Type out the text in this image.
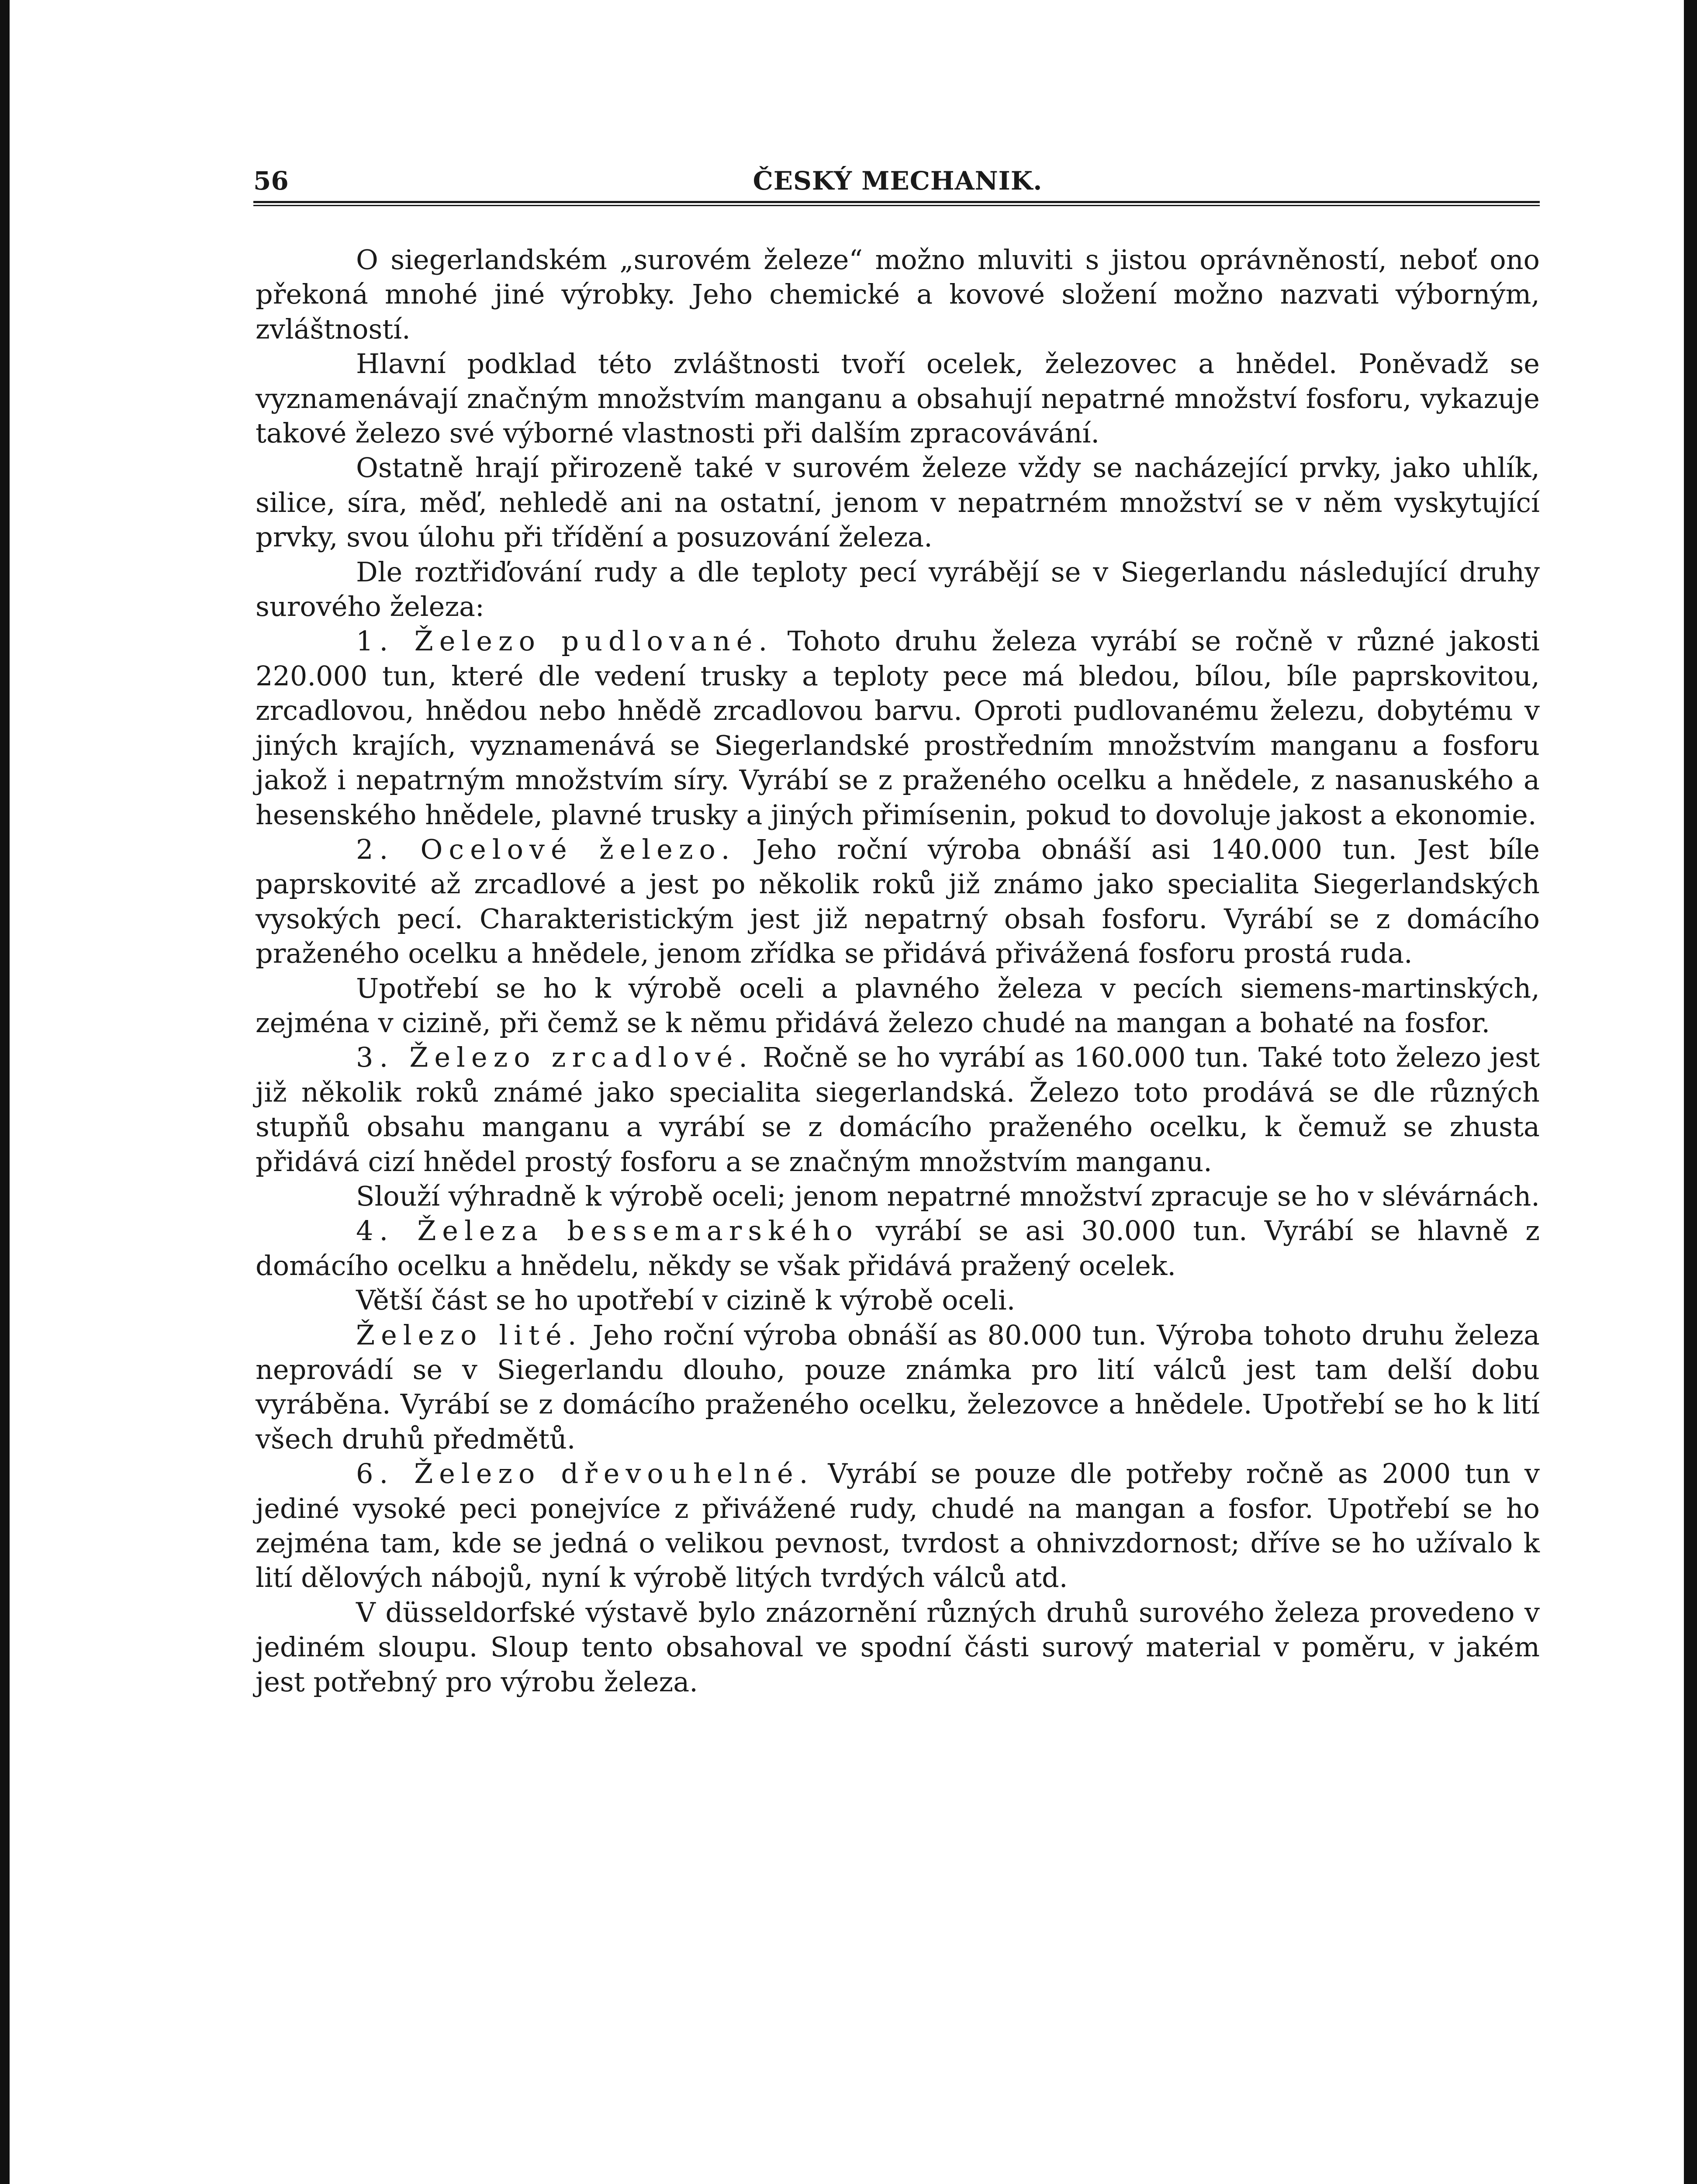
56	ČESKÝ MECHANIK.

O siegerlandském „surovém železe“ možno mluviti s jistou oprávněností, neboť ono překoná mnohé jiné výrobky. Jeho chemické a kovové složení možno nazvati výborným, zvláštností.

Hlavní podklad této zvláštnosti tvoří ocelek, železovec a hnědel. Poněvadž se vyznamenávají značným množstvím manganu a obsahují nepatrné množství fosforu, vykazuje takové železo své výborné vlastnosti při dalším zpracovávání.

Ostatně hrají přirozeně také v surovém železe vždy se nacházející prvky, jako uhlík, silice, síra, měď, nehledě ani na ostatní, jenom v nepatrném množství se v něm vyskytující prvky, svou úlohu při třídění a posuzování železa.

Dle roztřiďování rudy a dle teploty pecí vyrábějí se v Siegerlandu následující druhy surového železa:

1. Železo pudlované. Tohoto druhu železa vyrábí se ročně v různé jakosti 220.000 tun, které dle vedení trusky a teploty pece má bledou, bílou, bíle paprskovitou, zrcadlovou, hnědou nebo hnědě zrcadlovou barvu. Oproti pudlovanému železu, dobytému v jiných krajích, vyznamenává se Siegerlandské prostředním množstvím manganu a fosforu jakož i nepatrným množstvím síry. Vyrábí se z praženého ocelku a hnědele, z nasanuského a hesenského hnědele, plavné trusky a jiných přimísenin, pokud to dovoluje jakost a ekonomie.

2. Ocelové železo. Jeho roční výroba obnáší asi 140.000 tun. Jest bíle paprskovité až zrcadlové a jest po několik roků již známo jako specialita Siegerlandských vysokých pecí. Charakteristickým jest již nepatrný obsah fosforu. Vyrábí se z domácího praženého ocelku a hnědele, jenom zřídka se přidává přivážená fosforu prostá ruda.

Upotřebí se ho k výrobě oceli a plavného železa v pecích siemens-martinských, zejména v cizině, při čemž se k němu přidává železo chudé na mangan a bohaté na fosfor.

3. Železo zrcadlové. Ročně se ho vyrábí as 160.000 tun. Také toto železo jest již několik roků známé jako specialita siegerlandská. Železo toto prodává se dle různých stupňů obsahu manganu a vyrábí se z domácího praženého ocelku, k čemuž se zhusta přidává cizí hnědel prostý fosforu a se značným množstvím manganu.

Slouží výhradně k výrobě oceli; jenom nepatrné množství zpracuje se ho v slévárnách.

4. Železa bessemarského vyrábí se asi 30.000 tun. Vyrábí se hlavně z domácího ocelku a hnědelu, někdy se však přidává pražený ocelek.

Větší část se ho upotřebí v cizině k výrobě oceli.

Železo lité. Jeho roční výroba obnáší as 80.000 tun. Výroba tohoto druhu železa neprovádí se v Siegerlandu dlouho, pouze známka pro lití válců jest tam delší dobu vyráběna. Vyrábí se z domácího praženého ocelku, železovce a hnědele. Upotřebí se ho k lití všech druhů předmětů.

6. Železo dřevouhelné. Vyrábí se pouze dle potřeby ročně as 2000 tun v jediné vysoké peci ponejvíce z přivážené rudy, chudé na mangan a fosfor. Upotřebí se ho zejména tam, kde se jedná o velikou pevnost, tvrdost a ohnivzdornost; dříve se ho užívalo k lití dělových nábojů, nyní k výrobě litých tvrdých válců atd.

V düsseldorfské výstavě bylo znázornění různých druhů surového železa provedeno v jediném sloupu. Sloup tento obsahoval ve spodní části surový material v poměru, v jakém jest potřebný pro výrobu železa.
